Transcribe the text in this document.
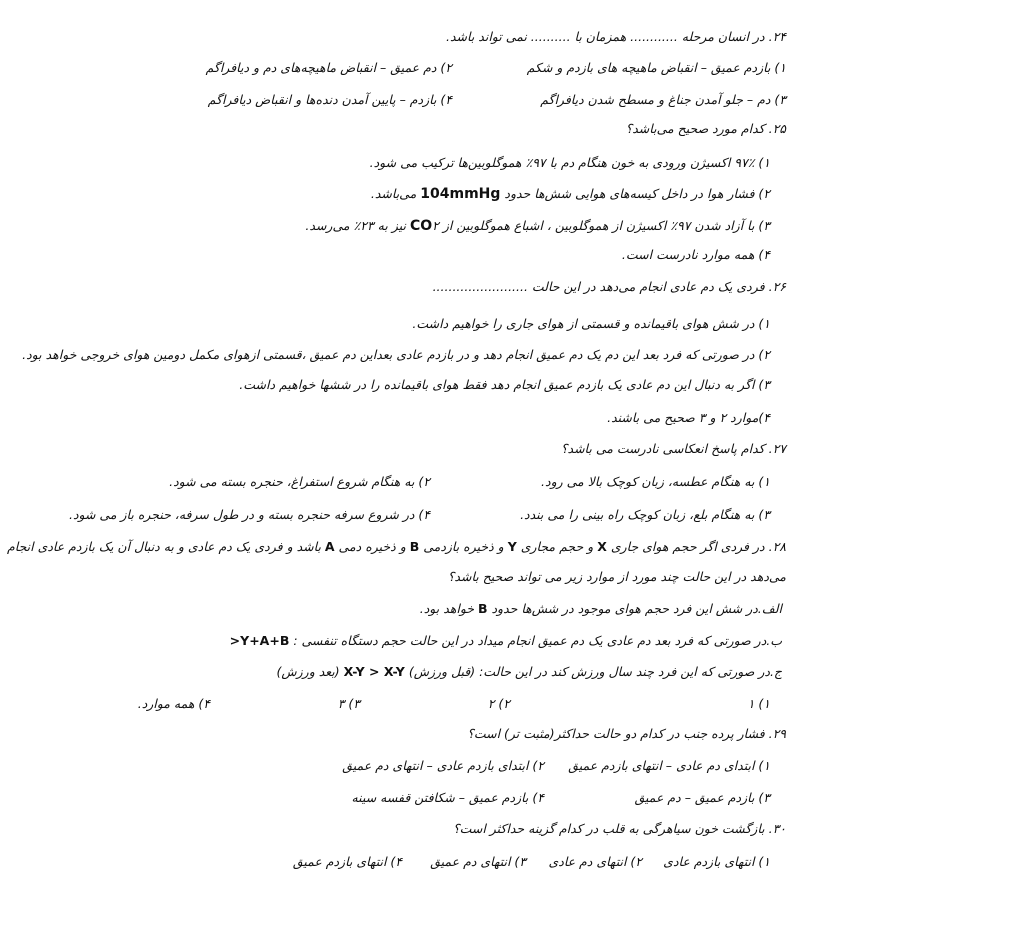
۲۴. در انسان مرحله ............ همزمان با .......... نمی تواند باشد.
۱) بازدم عمیق – انقباض ماهیچه های بازدم و شکم
۲) دم عمیق – انقباض ماهیچه‌های دم و دیافراگم
۳) دم – جلو آمدن جناغ و مسطح شدن دیافراگم
۴) بازدم – پایین آمدن دنده‌ها و انقباض دیافراگم
۲۵. کدام مورد صحیح می‌باشد؟
۱) ۹۷٪ اکسیژن ورودی به خون هنگام دم با ۹۷٪ هموگلوبین‌ها ترکیب می شود.
۲) فشار هوا در داخل کیسه‌های هوایی شش‌ها حدود 104mmHg می‌باشد.
۳) با آزاد شدن ۹۷٪ اکسیژن از هموگلوبین ، اشباع هموگلوبین از CO۲ نیز به ۲۳٪ می‌رسد.
۴) همه موارد نادرست است.
۲۶. فردی یک دم عادی انجام می‌دهد در این حالت ........................
۱) در شش هوای باقیمانده و قسمتی از هوای جاری را خواهیم داشت.
۲) در صورتی که فرد بعد این دم یک دم عمیق انجام دهد و در بازدم عادی بعداین دم عمیق ،قسمتی ازهوای مکمل دومین هوای خروجی خواهد بود.
۳) اگر به دنبال این دم عادی یک بازدم عمیق انجام دهد فقط هوای باقیمانده را در ششها خواهیم داشت.
۴)موارد ۲ و ۳ صحیح می باشند.
۲۷. کدام پاسخ انعکاسی نادرست می باشد؟
۱) به هنگام عطسه، زبان کوچک بالا می رود.
۲) به هنگام شروع استفراغ، حنجره بسته می شود.
۳) به هنگام بلع، زبان کوچک راه بینی را می بندد.
۴) در شروع سرفه حنجره بسته و در طول سرفه، حنجره باز می شود.
۲۸. در فردی اگر حجم هوای جاری X و حجم مجاری Y و ذخیره بازدمی B و ذخیره دمی A باشد و فردی یک دم عادی و به دنبال آن یک بازدم عادی انجام
می‌دهد در این حالت چند مورد از موارد زیر می تواند صحیح باشد؟
الف.در شش این فرد حجم هوای موجود در شش‌ها حدود B خواهد بود.
ب.در صورتی که فرد بعد دم عادی یک دم عمیق انجام میداد در این حالت حجم دستگاه تنفسی : Y+A+B<
ج.در صورتی که این فرد چند سال ورزش کند در این حالت: (قبل ورزش) X-Y > X-Y (بعد ورزش)
۱) ۱
۲) ۲
۳) ۳
۴) همه موارد.
۲۹. فشار پرده جنب در کدام دو حالت حداکثر(مثبت تر) است؟
۱) ابتدای دم عادی – انتهای بازدم عمیق
۲) ابتدای بازدم عادی – انتهای دم عمیق
۳) بازدم عمیق – دم عمیق
۴) بازدم عمیق – شکافتن قفسه سینه
۳۰. بازگشت خون سیاهرگی به قلب در کدام گزینه حداکثر است؟
۱) انتهای بازدم عادی
۲) انتهای دم عادی
۳) انتهای دم عمیق
۴) انتهای بازدم عمیق
